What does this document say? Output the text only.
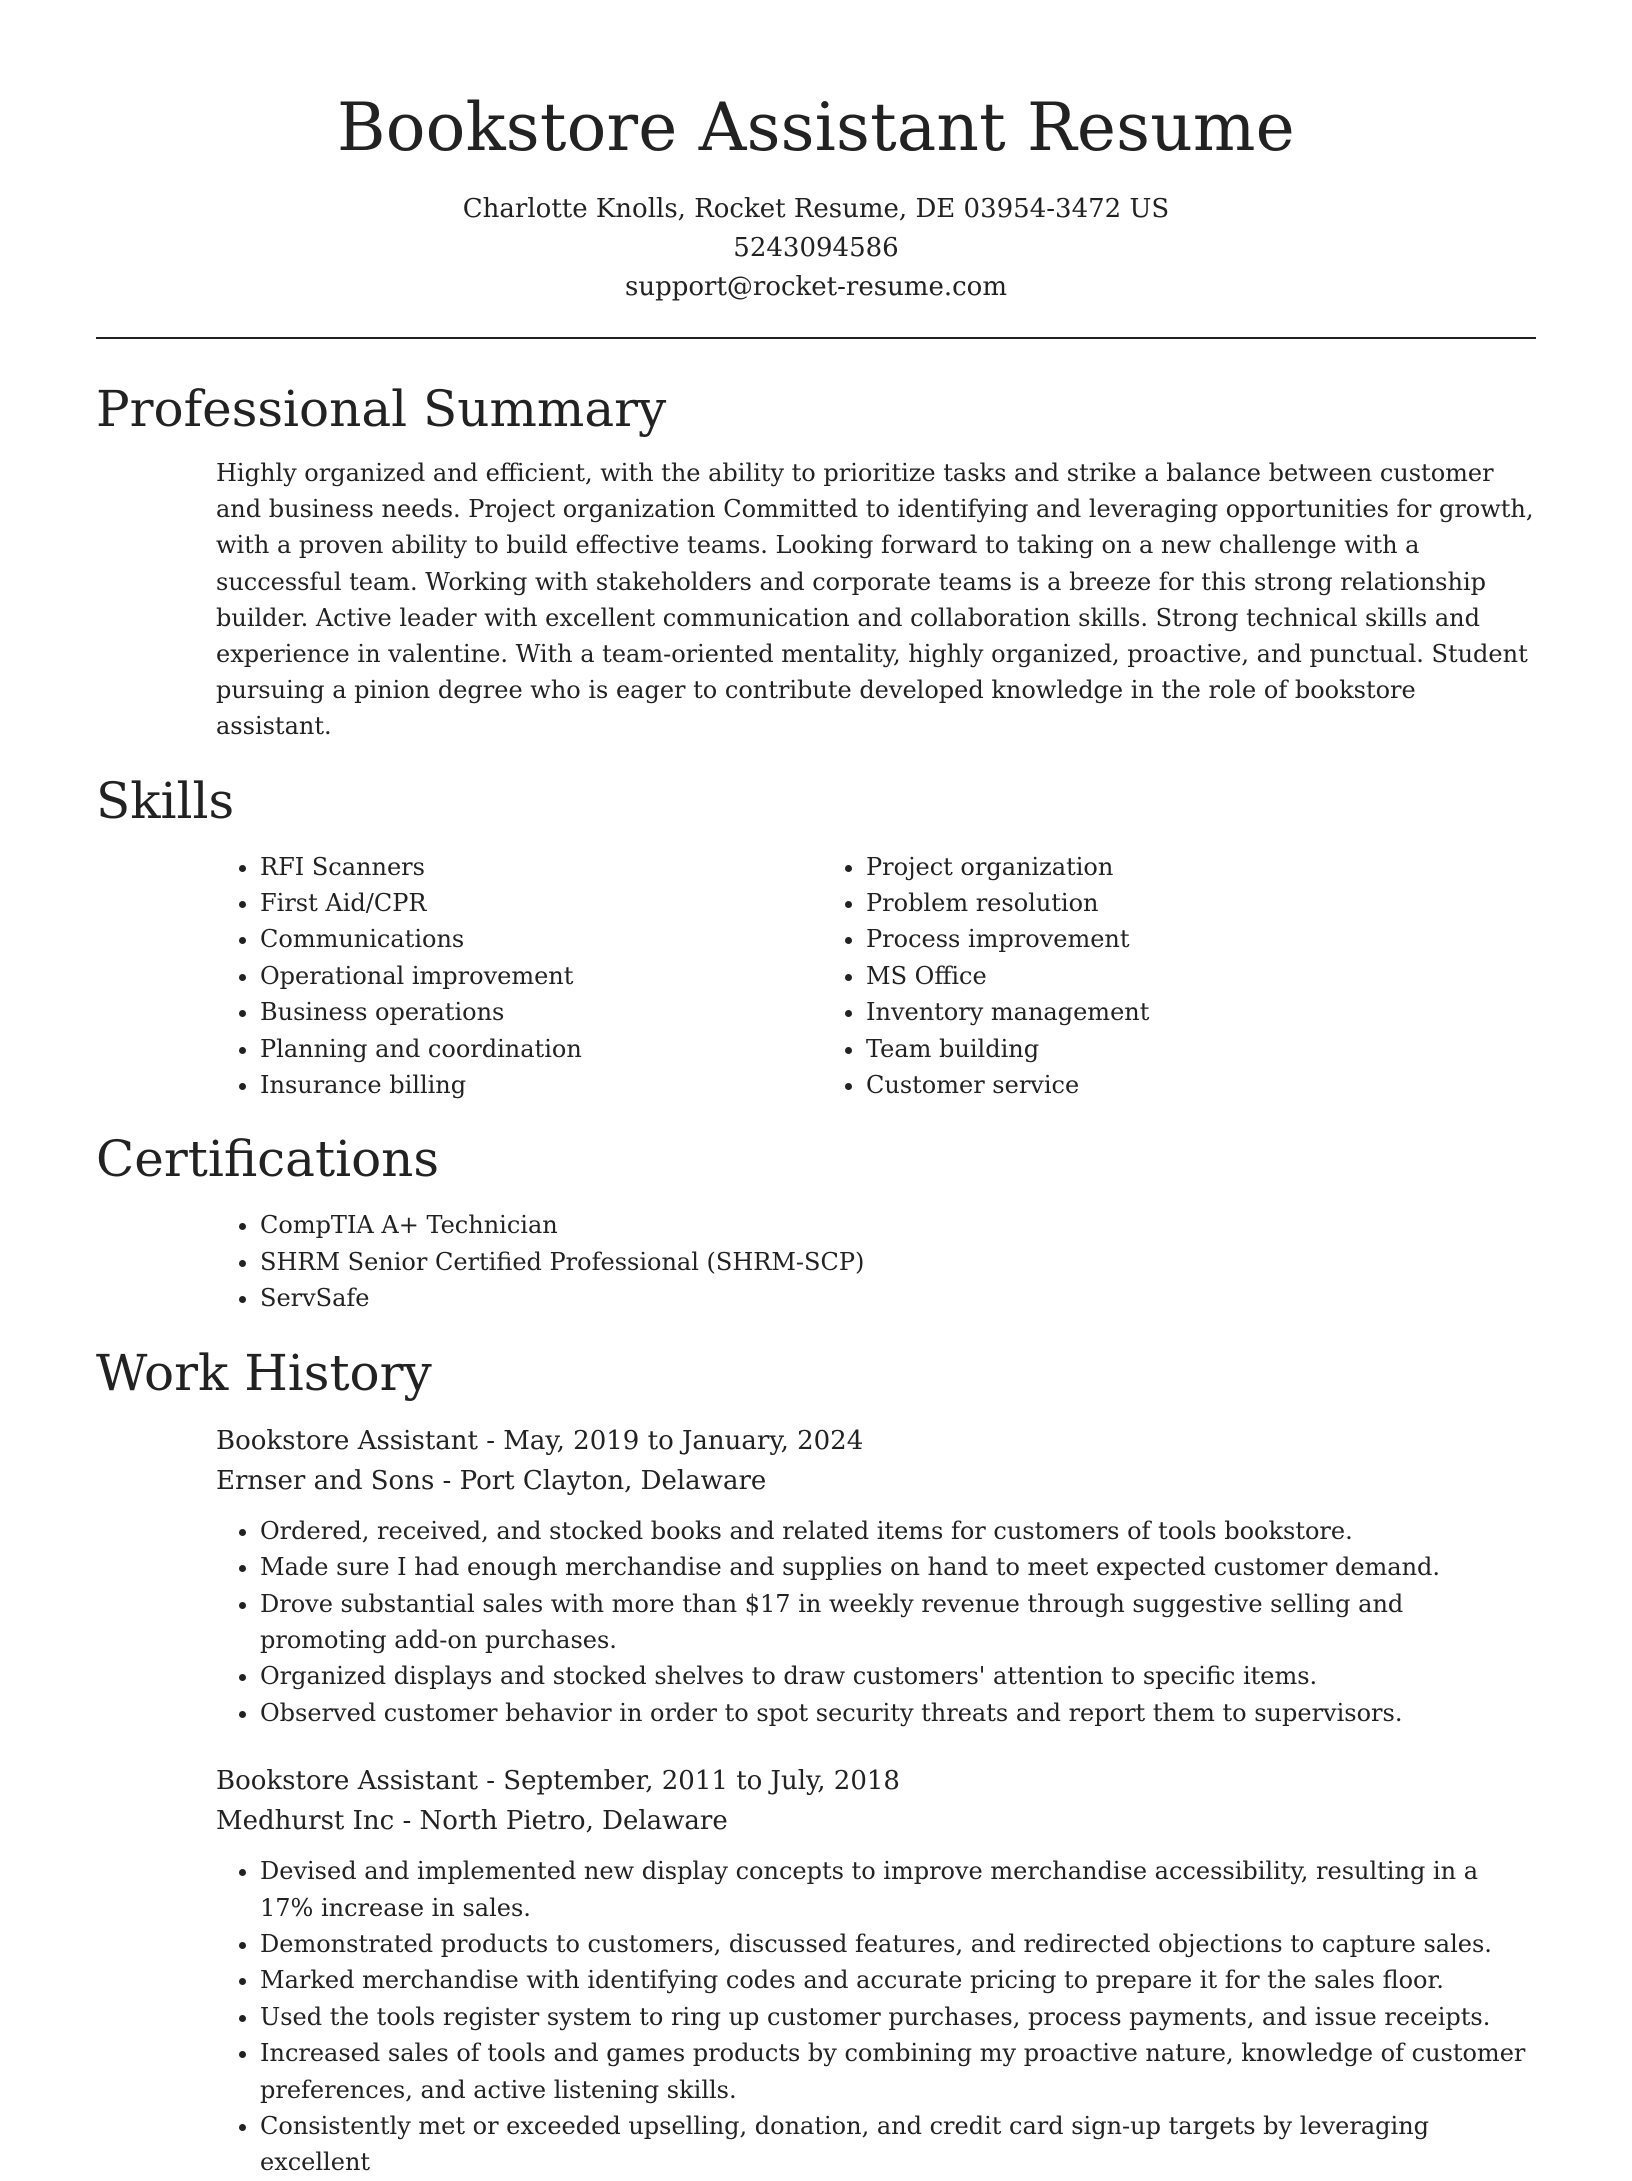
Bookstore Assistant Resume
Charlotte Knolls, Rocket Resume, DE 03954-3472 US
5243094586
support@rocket-resume.com
Professional Summary

Highly organized and efficient, with the ability to prioritize tasks and strike a balance between customer and business needs. Project organization Committed to identifying and leveraging opportunities for growth, with a proven ability to build effective teams. Looking forward to taking on a new challenge with a successful team. Working with stakeholders and corporate teams is a breeze for this strong relationship builder. Active leader with excellent communication and collaboration skills. Strong technical skills and experience in valentine. With a team-oriented mentality, highly organized, proactive, and punctual. Student pursuing a pinion degree who is eager to contribute developed knowledge in the role of bookstore assistant.

Skills
• RFI Scanners
• First Aid/CPR
• Communications
• Operational improvement
• Business operations
• Planning and coordination
• Insurance billing
• Project organization
• Problem resolution
• Process improvement
• MS Office
• Inventory management
• Team building
• Customer service
Certifications
• CompTIA A+ Technician
• SHRM Senior Certified Professional (SHRM-SCP)
• ServSafe
Work History
Bookstore Assistant - May, 2019 to January, 2024
Ernser and Sons - Port Clayton, Delaware
• Ordered, received, and stocked books and related items for customers of tools bookstore.
• Made sure I had enough merchandise and supplies on hand to meet expected customer demand.
• Drove substantial sales with more than $17 in weekly revenue through suggestive selling and promoting add-on purchases.
• Organized displays and stocked shelves to draw customers' attention to specific items.
• Observed customer behavior in order to spot security threats and report them to supervisors.
Bookstore Assistant - September, 2011 to July, 2018
Medhurst Inc - North Pietro, Delaware
• Devised and implemented new display concepts to improve merchandise accessibility, resulting in a 17% increase in sales.
• Demonstrated products to customers, discussed features, and redirected objections to capture sales.
• Marked merchandise with identifying codes and accurate pricing to prepare it for the sales floor.
• Used the tools register system to ring up customer purchases, process payments, and issue receipts.
• Increased sales of tools and games products by combining my proactive nature, knowledge of customer preferences, and active listening skills.
• Consistently met or exceeded upselling, donation, and credit card sign-up targets by leveraging excellent
